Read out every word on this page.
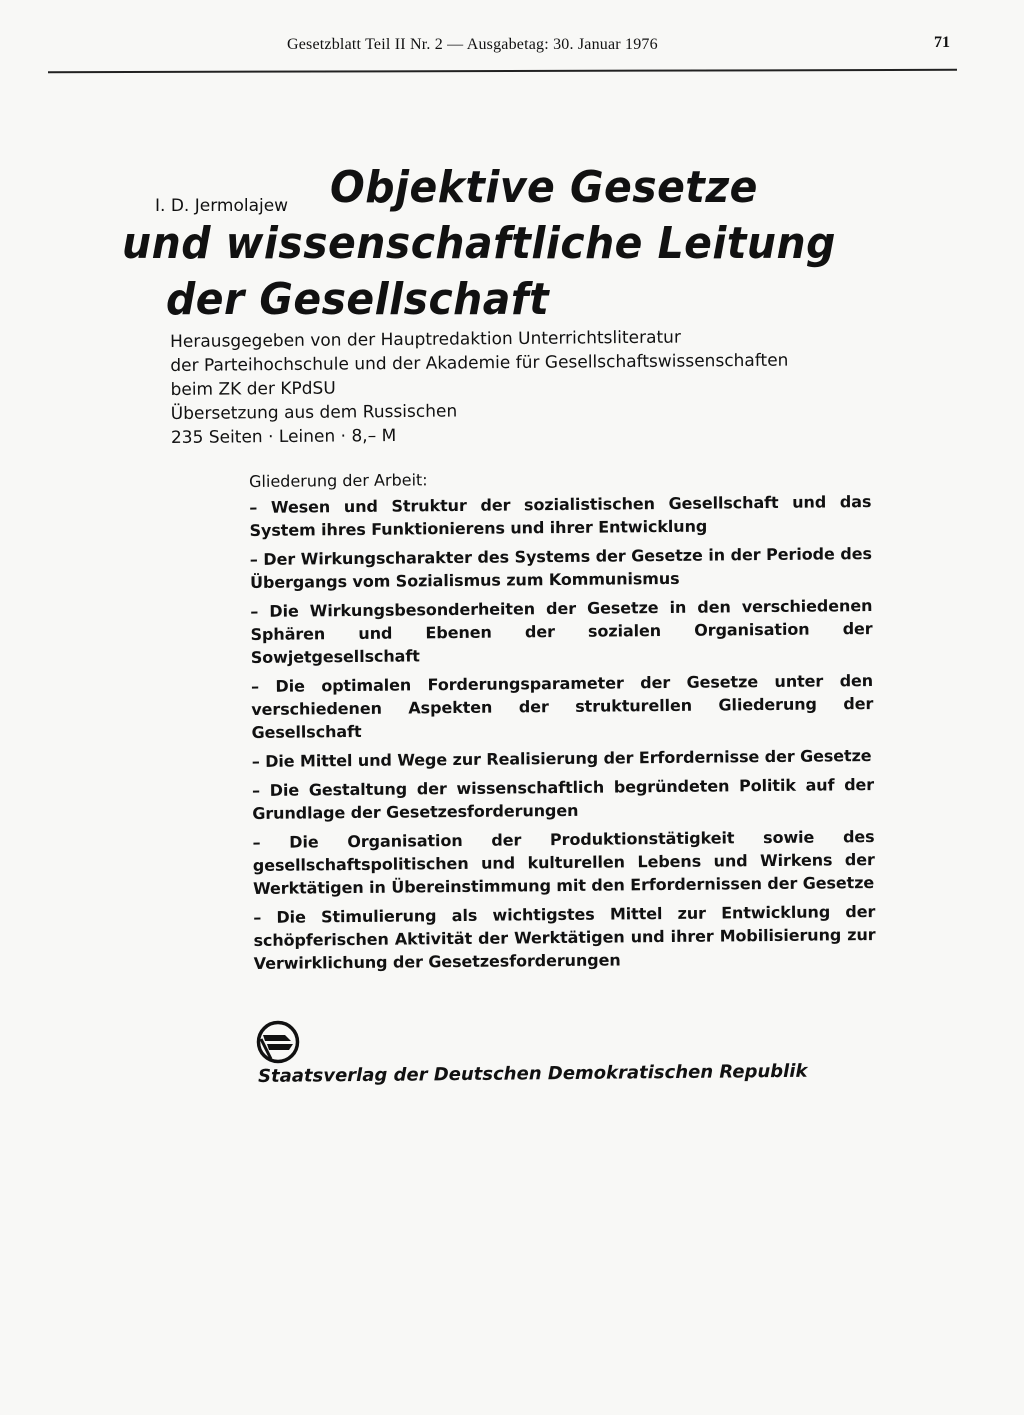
Gesetzblatt Teil II Nr. 2 — Ausgabetag: 30. Januar 1976	71
I. D. Jermolajew Objektive Gesetze
und wissenschaftliche Leitung
der Gesellschaft
Herausgegeben von der Hauptredaktion Unterrichtsliteratur
der Parteihochschule und der Akademie für Gesellschaftswissenschaften
beim ZK der KPdSU
Übersetzung aus dem Russischen
235 Seiten · Leinen · 8,– M
Gliederung der Arbeit:
– Wesen und Struktur der sozialistischen Gesellschaft und das System ihres Funktionierens und ihrer Entwicklung
– Der Wirkungscharakter des Systems der Gesetze in der Periode des Übergangs vom Sozialismus zum Kommunismus
– Die Wirkungsbesonderheiten der Gesetze in den verschiedenen Sphären und Ebenen der sozialen Organisation der Sowjetgesellschaft
– Die optimalen Forderungsparameter der Gesetze unter den verschiedenen Aspekten der strukturellen Gliederung der Gesellschaft
– Die Mittel und Wege zur Realisierung der Erfordernisse der Gesetze
– Die Gestaltung der wissenschaftlich begründeten Politik auf der Grundlage der Gesetzesforderungen
– Die Organisation der Produktionstätigkeit sowie des gesellschaftspolitischen und kulturellen Lebens und Wirkens der Werktätigen in Übereinstimmung mit den Erfordernissen der Gesetze
– Die Stimulierung als wichtigstes Mittel zur Entwicklung der schöpferischen Aktivität der Werktätigen und ihrer Mobilisierung zur Verwirklichung der Gesetzesforderungen
Staatsverlag der Deutschen Demokratischen Republik
